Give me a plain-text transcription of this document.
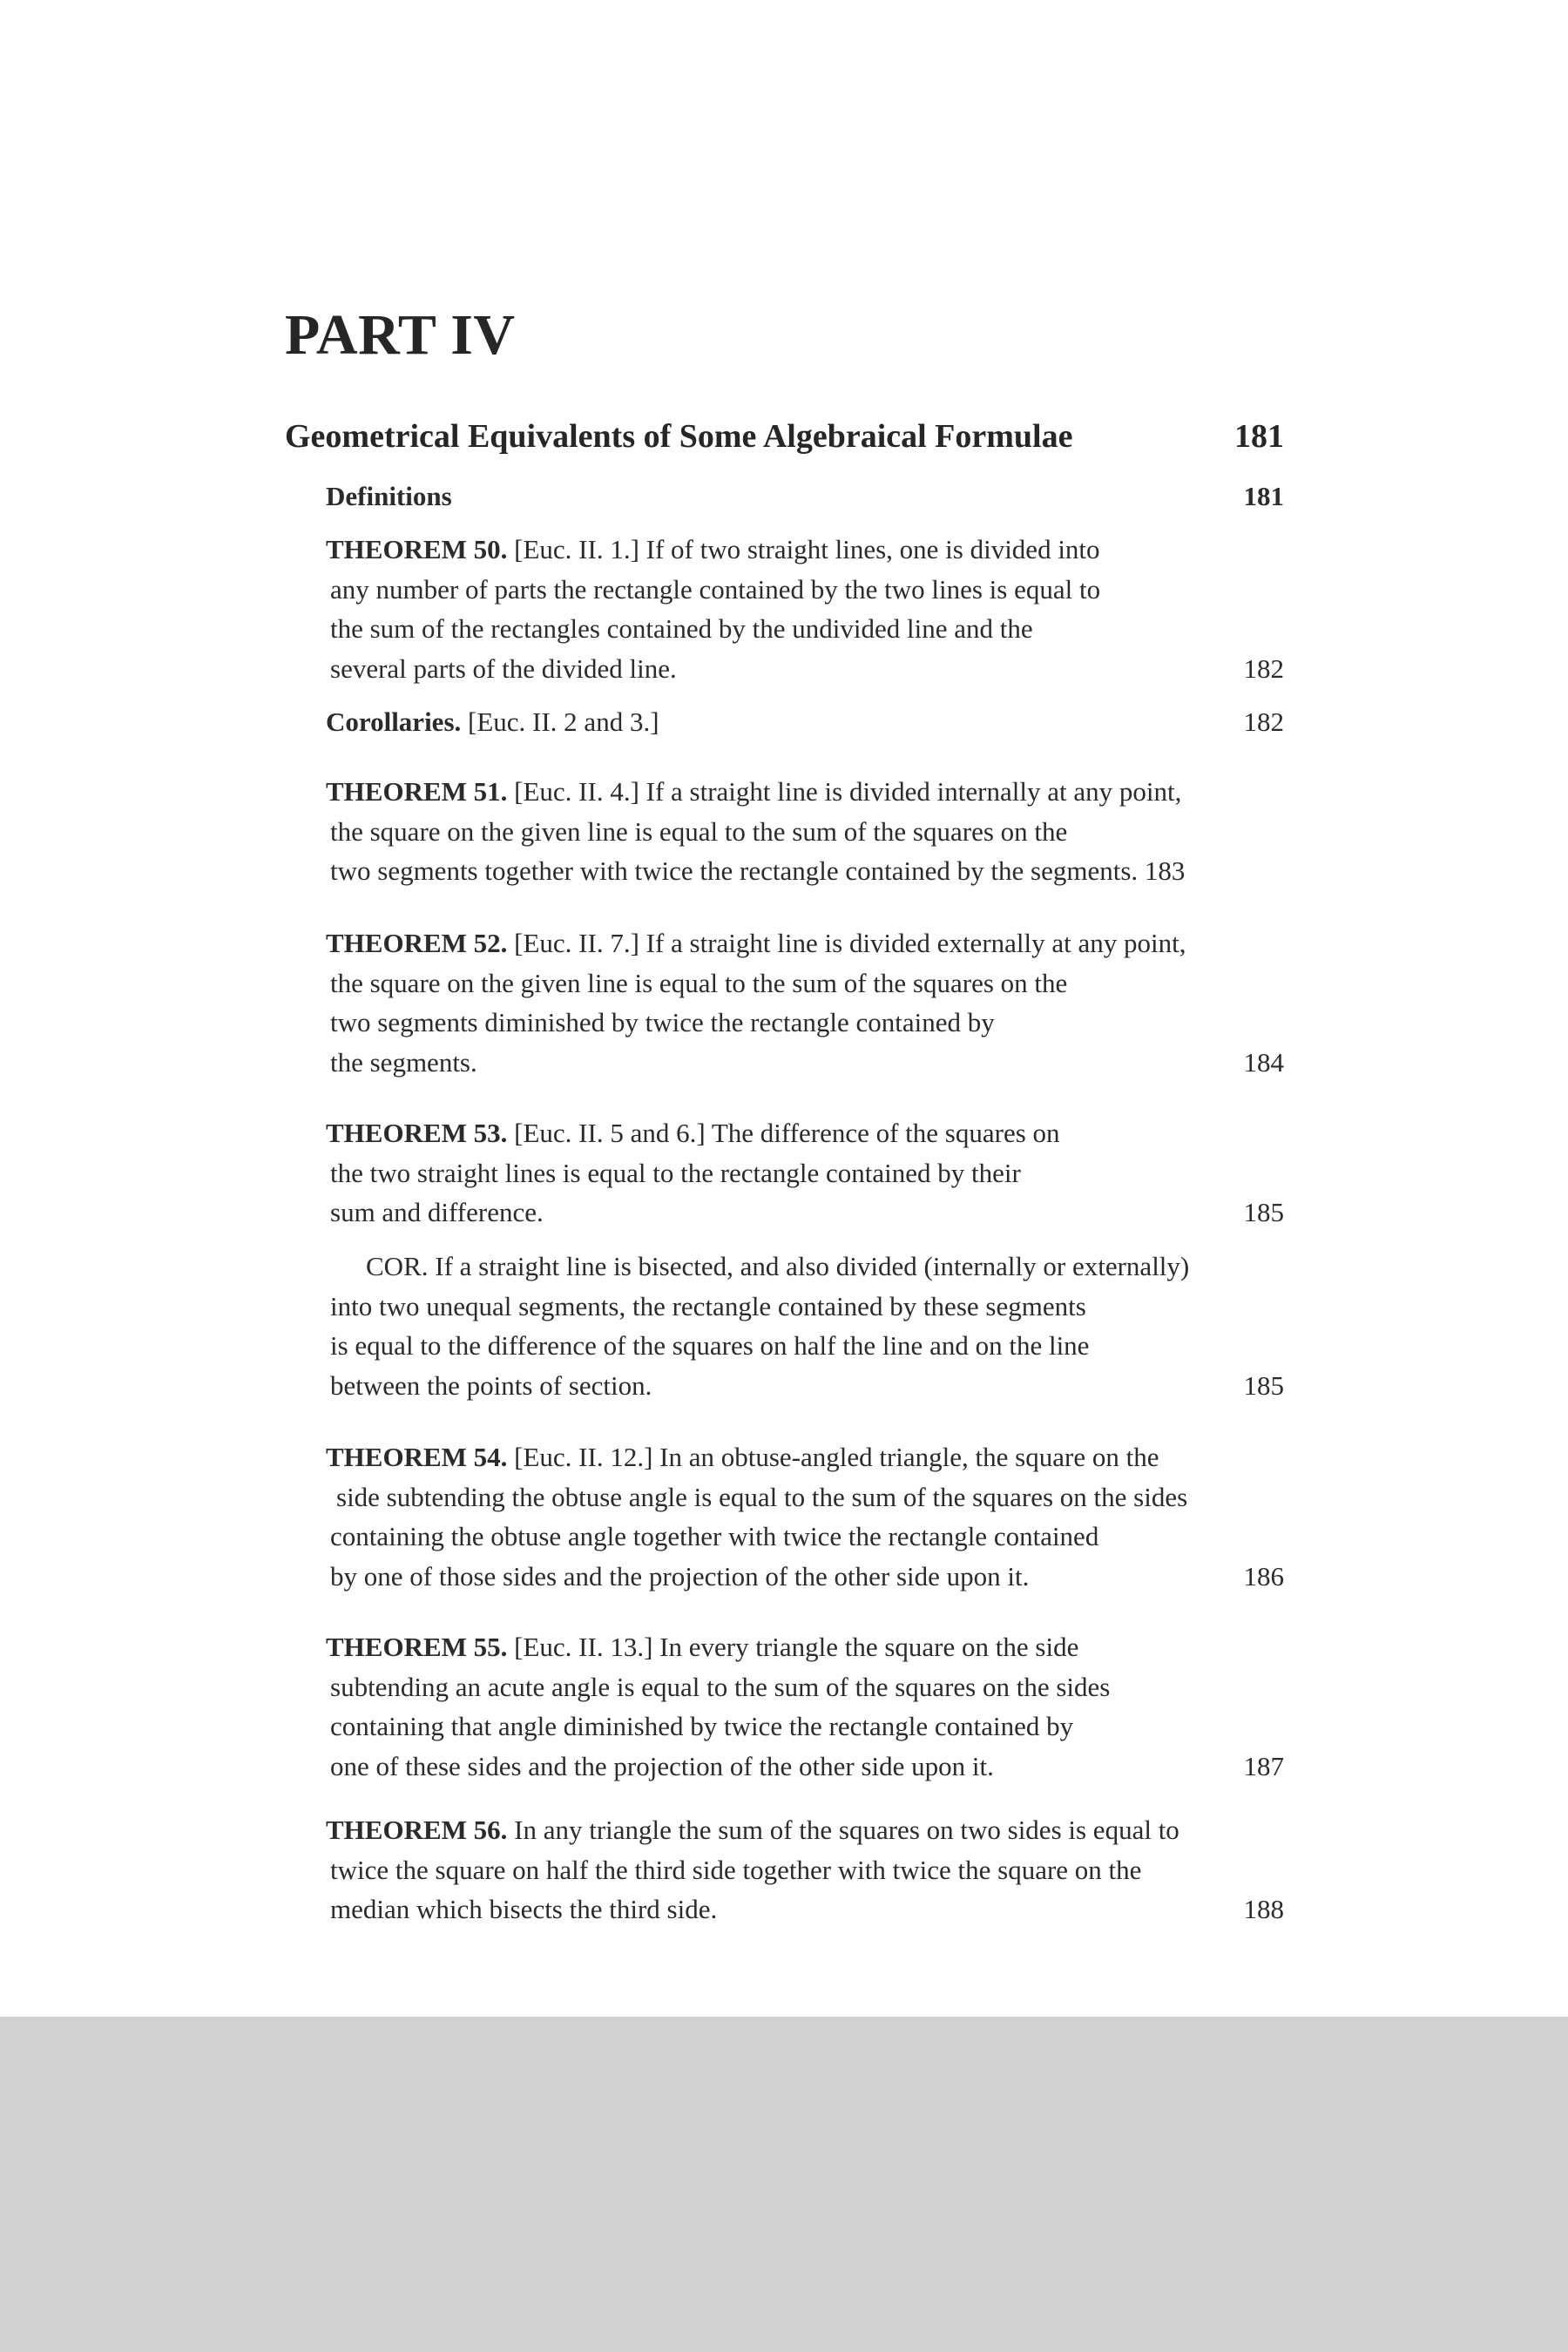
PART IV
Geometrical Equivalents of Some Algebraical Formulae	181
Definitions	181
THEOREM 50. [Euc. II. 1.] If of two straight lines, one is divided into
any number of parts the rectangle contained by the two lines is equal to
the sum of the rectangles contained by the undivided line and the
several parts of the divided line.	182
Corollaries. [Euc. II. 2 and 3.]	182
THEOREM 51. [Euc. II. 4.] If a straight line is divided internally at any point,
the square on the given line is equal to the sum of the squares on the
two segments together with twice the rectangle contained by the segments. 183
THEOREM 52. [Euc. II. 7.] If a straight line is divided externally at any point,
the square on the given line is equal to the sum of the squares on the
two segments diminished by twice the rectangle contained by
the segments.	184
THEOREM 53. [Euc. II. 5 and 6.] The difference of the squares on
the two straight lines is equal to the rectangle contained by their
sum and difference.	185
COR. If a straight line is bisected, and also divided (internally or externally)
into two unequal segments, the rectangle contained by these segments
is equal to the difference of the squares on half the line and on the line
between the points of section.	185
THEOREM 54. [Euc. II. 12.] In an obtuse-angled triangle, the square on the
side subtending the obtuse angle is equal to the sum of the squares on the sides
containing the obtuse angle together with twice the rectangle contained
by one of those sides and the projection of the other side upon it.	186
THEOREM 55. [Euc. II. 13.] In every triangle the square on the side
subtending an acute angle is equal to the sum of the squares on the sides
containing that angle diminished by twice the rectangle contained by
one of these sides and the projection of the other side upon it.	187
THEOREM 56. In any triangle the sum of the squares on two sides is equal to
twice the square on half the third side together with twice the square on the
median which bisects the third side.	188
